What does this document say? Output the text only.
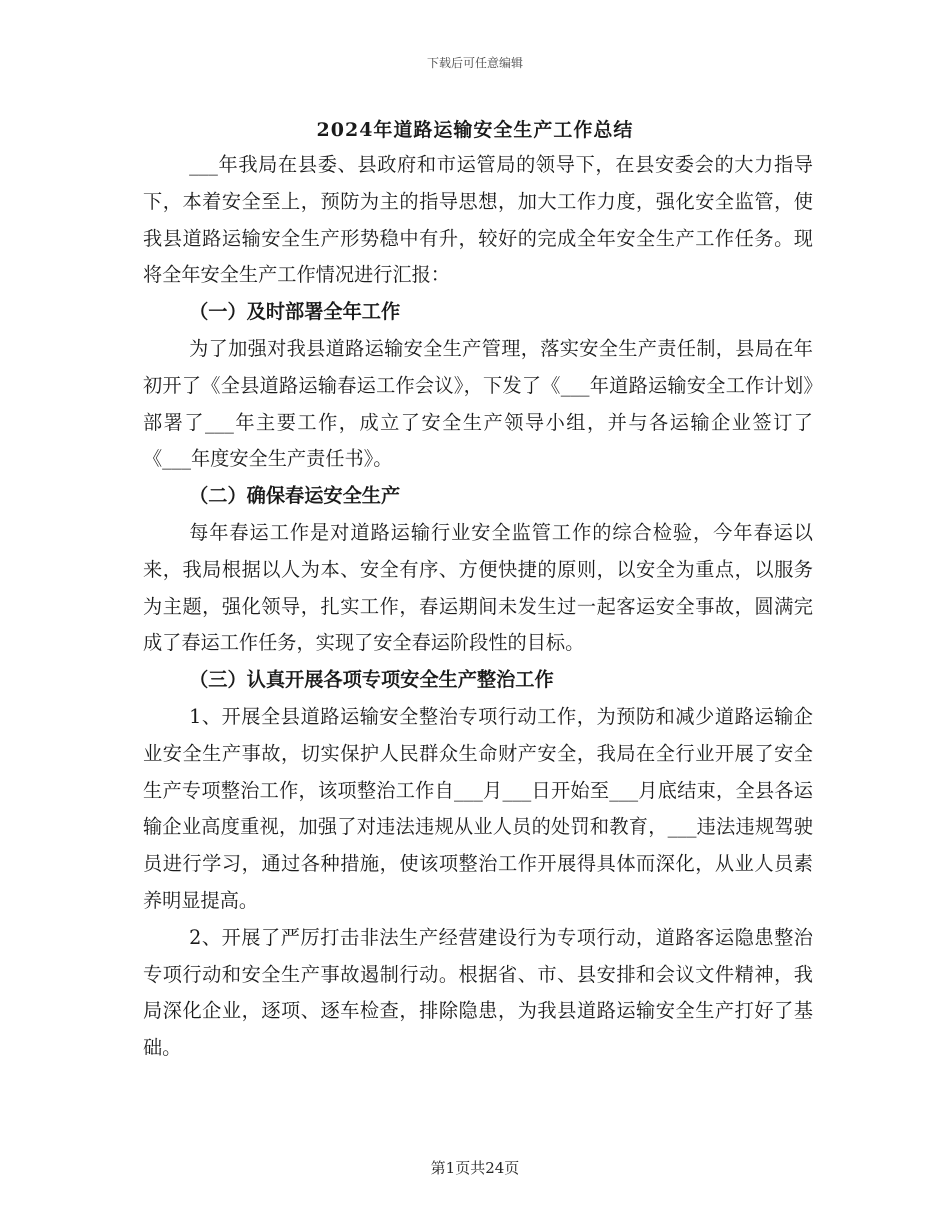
下载后可任意编辑
2024年道路运输安全生产工作总结

___年我局在县委、县政府和市运管局的领导下，在县安委会的大力指导下，本着安全至上，预防为主的指导思想，加大工作力度，强化安全监管，使我县道路运输安全生产形势稳中有升，较好的完成全年安全生产工作任务。现将全年安全生产工作情况进行汇报：

（一）及时部署全年工作

为了加强对我县道路运输安全生产管理，落实安全生产责任制，县局在年初开了《全县道路运输春运工作会议》，下发了《___年道路运输安全工作计划》部署了___年主要工作，成立了安全生产领导小组，并与各运输企业签订了《___年度安全生产责任书》。

（二）确保春运安全生产

每年春运工作是对道路运输行业安全监管工作的综合检验，今年春运以来，我局根据以人为本、安全有序、方便快捷的原则，以安全为重点，以服务为主题，强化领导，扎实工作，春运期间未发生过一起客运安全事故，圆满完成了春运工作任务，实现了安全春运阶段性的目标。

（三）认真开展各项专项安全生产整治工作

1、开展全县道路运输安全整治专项行动工作，为预防和减少道路运输企业安全生产事故，切实保护人民群众生命财产安全，我局在全行业开展了安全生产专项整治工作，该项整治工作自___月___日开始至___月底结束，全县各运输企业高度重视，加强了对违法违规从业人员的处罚和教育，___违法违规驾驶员进行学习，通过各种措施，使该项整治工作开展得具体而深化，从业人员素养明显提高。

2、开展了严厉打击非法生产经营建设行为专项行动，道路客运隐患整治专项行动和安全生产事故遏制行动。根据省、市、县安排和会议文件精神，我局深化企业，逐项、逐车检查，排除隐患，为我县道路运输安全生产打好了基础。

第1页共24页
